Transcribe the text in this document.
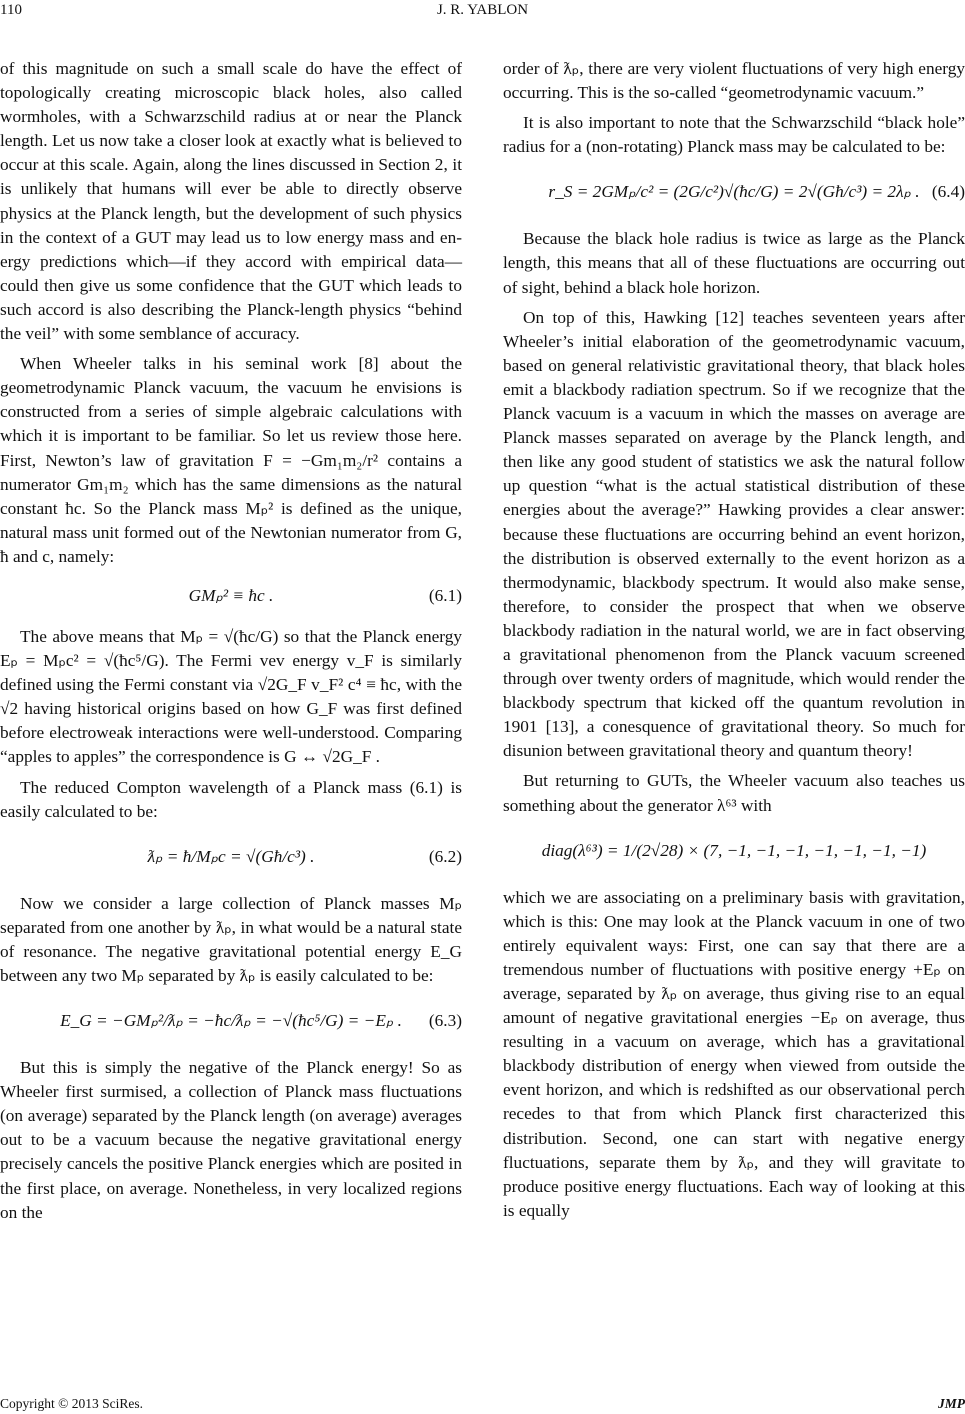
110	J. R. YABLON

of this magnitude on such a small scale do have the effect of topologically creating microscopic black holes, also called wormholes, with a Schwarzschild radius at or near the Planck length. Let us now take a closer look at exactly what is believed to occur at this scale. Again, along the lines discussed in Section 2, it is unlikely that humans will ever be able to directly observe physics at the Planck length, but the development of such physics in the context of a GUT may lead us to low energy mass and energy predictions which—if they accord with empirical data—could then give us some confidence that the GUT which leads to such accord is also describing the Planck-length physics “behind the veil” with some semblance of accuracy.

When Wheeler talks in his seminal work [8] about the geometrodynamic Planck vacuum, the vacuum he envisions is constructed from a series of simple algebraic calculations with which it is important to be familiar. So let us review those here. First, Newton’s law of gravitation F = −Gm₁m₂/r² contains a numerator Gm₁m₂ which has the same dimensions as the natural constant ħc. So the Planck mass Mₚ² is defined as the unique, natural mass unit formed out of the Newtonian numerator from G, ħ and c, namely:

GMₚ² ≡ ħc .	(6.1)

The above means that Mₚ = √(ħc/G) so that the Planck energy Eₚ = Mₚc² = √(ħc⁵/G). The Fermi vev energy v_F is similarly defined using the Fermi constant via √2G_F v_F² c⁴ ≡ ħc, with the √2 having historical origins based on how G_F was first defined before electroweak interactions were well-understood. Comparing “apples to apples” the correspondence is G ↔ √2G_F .

The reduced Compton wavelength of a Planck mass (6.1) is easily calculated to be:

ƛₚ = ħ/Mₚc = √(Għ/c³) .	(6.2)

Now we consider a large collection of Planck masses Mₚ separated from one another by ƛₚ, in what would be a natural state of resonance. The negative gravitational potential energy E_G between any two Mₚ separated by ƛₚ is easily calculated to be:

E_G = −GMₚ²/ƛₚ = −ħc/ƛₚ = −√(ħc⁵/G) = −Eₚ . (6.3)

But this is simply the negative of the Planck energy! So as Wheeler first surmised, a collection of Planck mass fluctuations (on average) separated by the Planck length (on average) averages out to be a vacuum because the negative gravitational energy precisely cancels the positive Planck energies which are posited in the first place, on average. Nonetheless, in very localized regions on the

order of ƛₚ, there are very violent fluctuations of very high energy occurring. This is the so-called “geometrodynamic vacuum.”

It is also important to note that the Schwarzschild “black hole” radius for a (non-rotating) Planck mass may be calculated to be:

r_S = 2GMₚ/c² = (2G/c²)√(ħc/G) = 2√(Għ/c³) = 2λₚ . (6.4)

Because the black hole radius is twice as large as the Planck length, this means that all of these fluctuations are occurring out of sight, behind a black hole horizon.

On top of this, Hawking [12] teaches seventeen years after Wheeler’s initial elaboration of the geometrodynamic vacuum, based on general relativistic gravitational theory, that black holes emit a blackbody radiation spectrum. So if we recognize that the Planck vacuum is a vacuum in which the masses on average are Planck masses separated on average by the Planck length, and then like any good student of statistics we ask the natural follow up question “what is the actual statistical distribution of these energies about the average?” Hawking provides a clear answer: because these fluctuations are occurring behind an event horizon, the distribution is observed externally to the event horizon as a thermodynamic, blackbody spectrum. It would also make sense, therefore, to consider the prospect that when we observe blackbody radiation in the natural world, we are in fact observing a gravitational phenomenon from the Planck vacuum screened through over twenty orders of magnitude, which would render the blackbody spectrum that kicked off the quantum revolution in 1901 [13], a conesquence of gravitational theory. So much for disunion between gravitational theory and quantum theory!

But returning to GUTs, the Wheeler vacuum also teaches us something about the generator λ⁶³ with

diag(λ⁶³) = 1/(2√28) × (7, −1, −1, −1, −1, −1, −1, −1)

which we are associating on a preliminary basis with gravitation, which is this: One may look at the Planck vacuum in one of two entirely equivalent ways: First, one can say that there are a tremendous number of fluctuations with positive energy +Eₚ on average, separated by ƛₚ on average, thus giving rise to an equal amount of negative gravitational energies −Eₚ on average, thus resulting in a vacuum on average, which has a gravitational blackbody distribution of energy when viewed from outside the event horizon, and which is redshifted as our observational perch recedes to that from which Planck first characterized this distribution. Second, one can start with negative energy fluctuations, separate them by ƛₚ, and they will gravitate to produce positive energy fluctuations. Each way of looking at this is equally

Copyright © 2013 SciRes.	JMP
